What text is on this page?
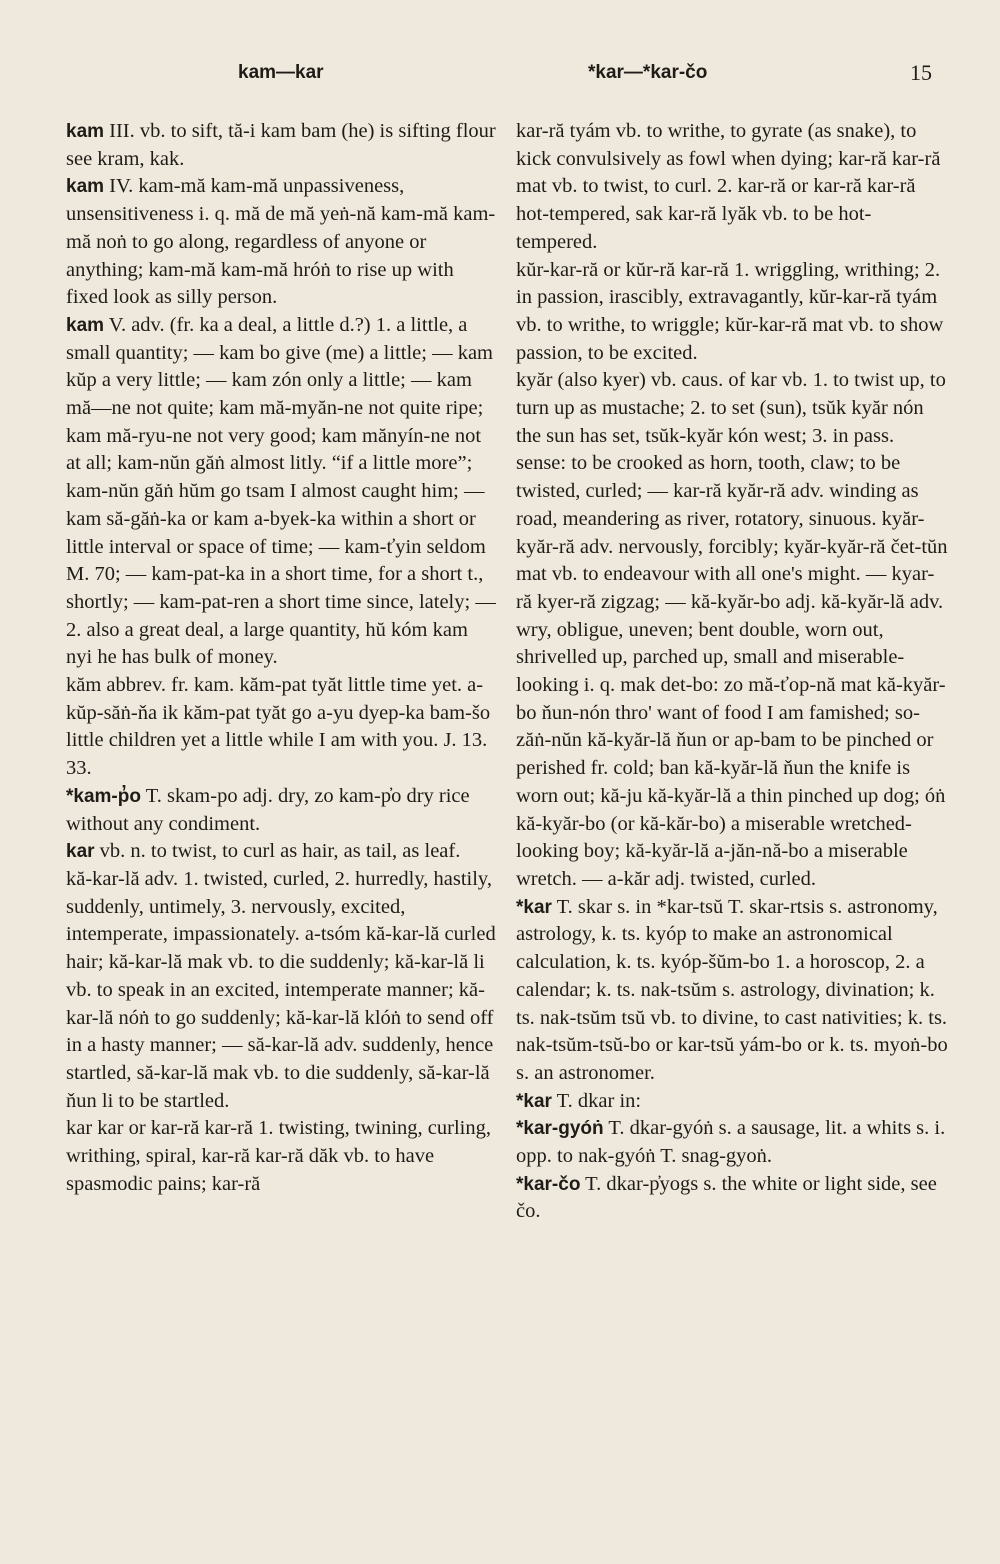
kam—kar	*kar—*kar-čo	15

kam III. vb. to sift, tă-i kam bam (he) is sifting flour see kram, kak.

kam IV. kam-mă kam-mă unpassiveness, unsensitiveness i. q. mă de mă yeṅ-nă kam-mă kam-mă noṅ to go along, regardless of anyone or anything; kam-mă kam-mă hróṅ to rise up with fixed look as silly person.

kam V. adv. (fr. ka a deal, a little d.?) 1. a little, a small quantity; — kam bo give (me) a little; — kam kŭp a very little; — kam zón only a little; — kam mă—ne not quite; kam mă-myăn-ne not quite ripe; kam mă-ryu-ne not very good; kam mănyín-ne not at all; kam-nŭn găṅ almost litly. “if a little more”; kam-nŭn găṅ hŭm go tsam I almost caught him; — kam să-găṅ-ka or kam a-byek-ka within a short or little interval or space of time; — kam-ťyin seldom M. 70; — kam-pat-ka in a short time, for a short t., shortly; — kam-pat-ren a short time since, lately; — 2. also a great deal, a large quantity, hŭ kóm kam nyi he has bulk of money.

kăm abbrev. fr. kam. kăm-pat tyăt little time yet. a-kŭp-săṅ-ňa ik kăm-pat tyăt go a-yu dyep-ka bam-šo little children yet a little while I am with you. J. 13. 33.

*kam-p̓o T. skam-po adj. dry, zo kam-p̓o dry rice without any condiment.

kar vb. n. to twist, to curl as hair, as tail, as leaf.

kă-kar-lă adv. 1. twisted, curled, 2. hurredly, hastily, suddenly, untimely, 3. nervously, excited, intemperate, impassionately. a-tsóm kă-kar-lă curled hair; kă-kar-lă mak vb. to die suddenly; kă-kar-lă li vb. to speak in an excited, intemperate manner; kă-kar-lă nóṅ to go suddenly; kă-kar-lă klóṅ to send off in a hasty manner; — să-kar-lă adv. suddenly, hence startled, să-kar-lă mak vb. to die suddenly, să-kar-lă ňun li to be startled.

kar kar or kar-ră kar-ră 1. twisting, twining, curling, writhing, spiral, kar-ră kar-ră dăk vb. to have spasmodic pains; kar-ră

kar-ră tyám vb. to writhe, to gyrate (as snake), to kick convulsively as fowl when dying; kar-ră kar-ră mat vb. to twist, to curl. 2. kar-ră or kar-ră kar-ră hot-tempered, sak kar-ră lyăk vb. to be hot-tempered.

kŭr-kar-ră or kŭr-ră kar-ră 1. wriggling, writhing; 2. in passion, irascibly, extravagantly, kŭr-kar-ră tyám vb. to writhe, to wriggle; kŭr-kar-ră mat vb. to show passion, to be excited.

kyăr (also kyer) vb. caus. of kar vb. 1. to twist up, to turn up as mustache; 2. to set (sun), tsŭk kyăr nón the sun has set, tsŭk-kyăr kón west; 3. in pass. sense: to be crooked as horn, tooth, claw; to be twisted, curled; — kar-ră kyăr-ră adv. winding as road, meandering as river, rotatory, sinuous. kyăr-kyăr-ră adv. nervously, forcibly; kyăr-kyăr-ră čet-tŭn mat vb. to endeavour with all one's might. — kyar-ră kyer-ră zigzag; — kă-kyăr-bo adj. kă-kyăr-lă adv. wry, obligue, uneven; bent double, worn out, shrivelled up, parched up, small and miserable-looking i. q. mak det-bo: zo mă-ťop-nă mat kă-kyăr-bo ňun-nón thro' want of food I am famished; so-zăṅ-nŭn kă-kyăr-lă ňun or ap-bam to be pinched or perished fr. cold; ban kă-kyăr-lă ňun the knife is worn out; kă-ju kă-kyăr-lă a thin pinched up dog; óṅ kă-kyăr-bo (or kă-kăr-bo) a miserable wretched-looking boy; kă-kyăr-lă a-jăn-nă-bo a miserable wretch. — a-kăr adj. twisted, curled.

*kar T. skar s. in *kar-tsŭ T. skar-rtsis s. astronomy, astrology, k. ts. kyóp to make an astronomical calculation, k. ts. kyóp-šŭm-bo 1. a horoscop, 2. a calendar; k. ts. nak-tsŭm s. astrology, divination; k. ts. nak-tsŭm tsŭ vb. to divine, to cast nativities; k. ts. nak-tsŭm-tsŭ-bo or kar-tsŭ yám-bo or k. ts. myoṅ-bo s. an astronomer.

*kar T. dkar in:

*kar-gyóṅ T. dkar-gyóṅ s. a sausage, lit. a whits s. i. opp. to nak-gyóṅ T. snag-gyoṅ.

*kar-čo T. dkar-p̓yogs s. the white or light side, see čo.
